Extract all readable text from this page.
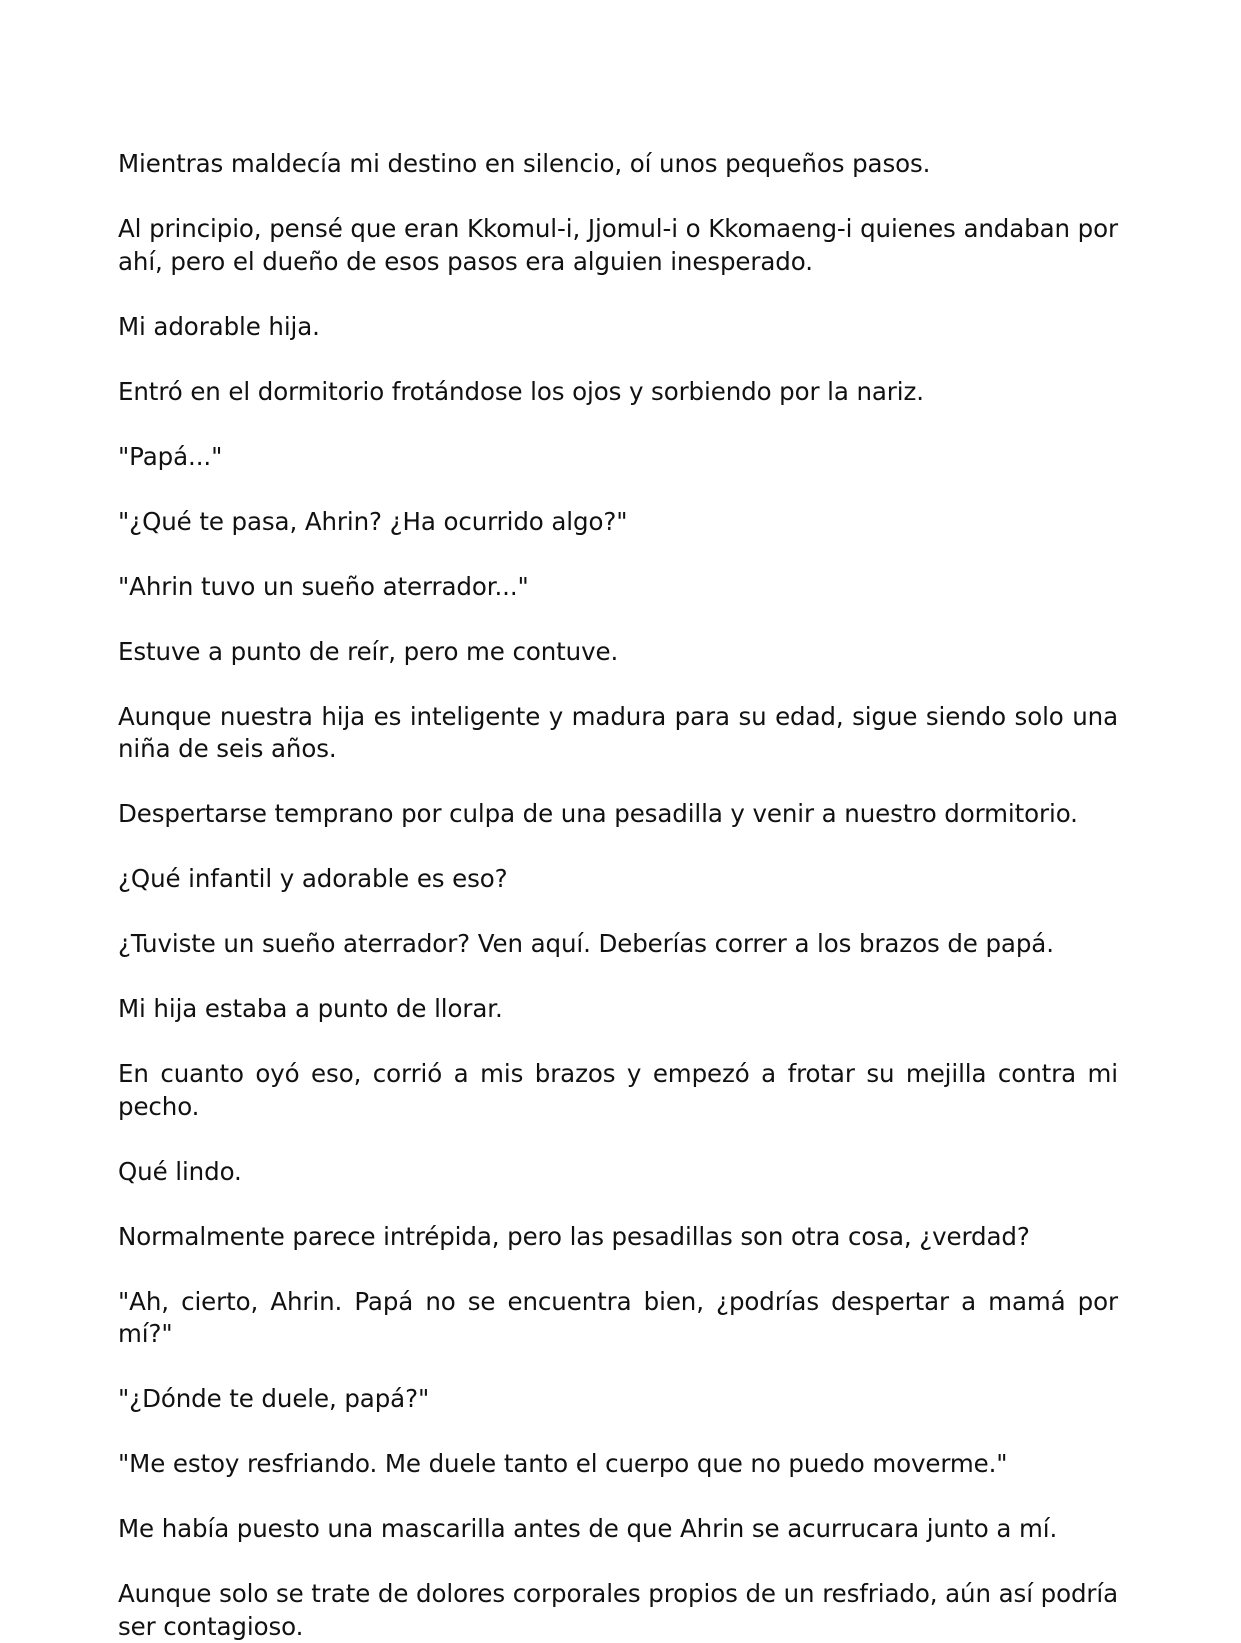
Mientras maldecía mi destino en silencio, oí unos pequeños pasos.

Al principio, pensé que eran Kkomul-i, Jjomul-i o Kkomaeng-i quienes andaban por ahí, pero el dueño de esos pasos era alguien inesperado.

Mi adorable hija.

Entró en el dormitorio frotándose los ojos y sorbiendo por la nariz.

"Papá..."

"¿Qué te pasa, Ahrin? ¿Ha ocurrido algo?"

"Ahrin tuvo un sueño aterrador..."

Estuve a punto de reír, pero me contuve.

Aunque nuestra hija es inteligente y madura para su edad, sigue siendo solo una niña de seis años.

Despertarse temprano por culpa de una pesadilla y venir a nuestro dormitorio.

¿Qué infantil y adorable es eso?

¿Tuviste un sueño aterrador? Ven aquí. Deberías correr a los brazos de papá.

Mi hija estaba a punto de llorar.

En cuanto oyó eso, corrió a mis brazos y empezó a frotar su mejilla contra mi pecho.

Qué lindo.

Normalmente parece intrépida, pero las pesadillas son otra cosa, ¿verdad?

"Ah, cierto, Ahrin. Papá no se encuentra bien, ¿podrías despertar a mamá por mí?"

"¿Dónde te duele, papá?"

"Me estoy resfriando. Me duele tanto el cuerpo que no puedo moverme."

Me había puesto una mascarilla antes de que Ahrin se acurrucara junto a mí.

Aunque solo se trate de dolores corporales propios de un resfriado, aún así podría ser contagioso.
